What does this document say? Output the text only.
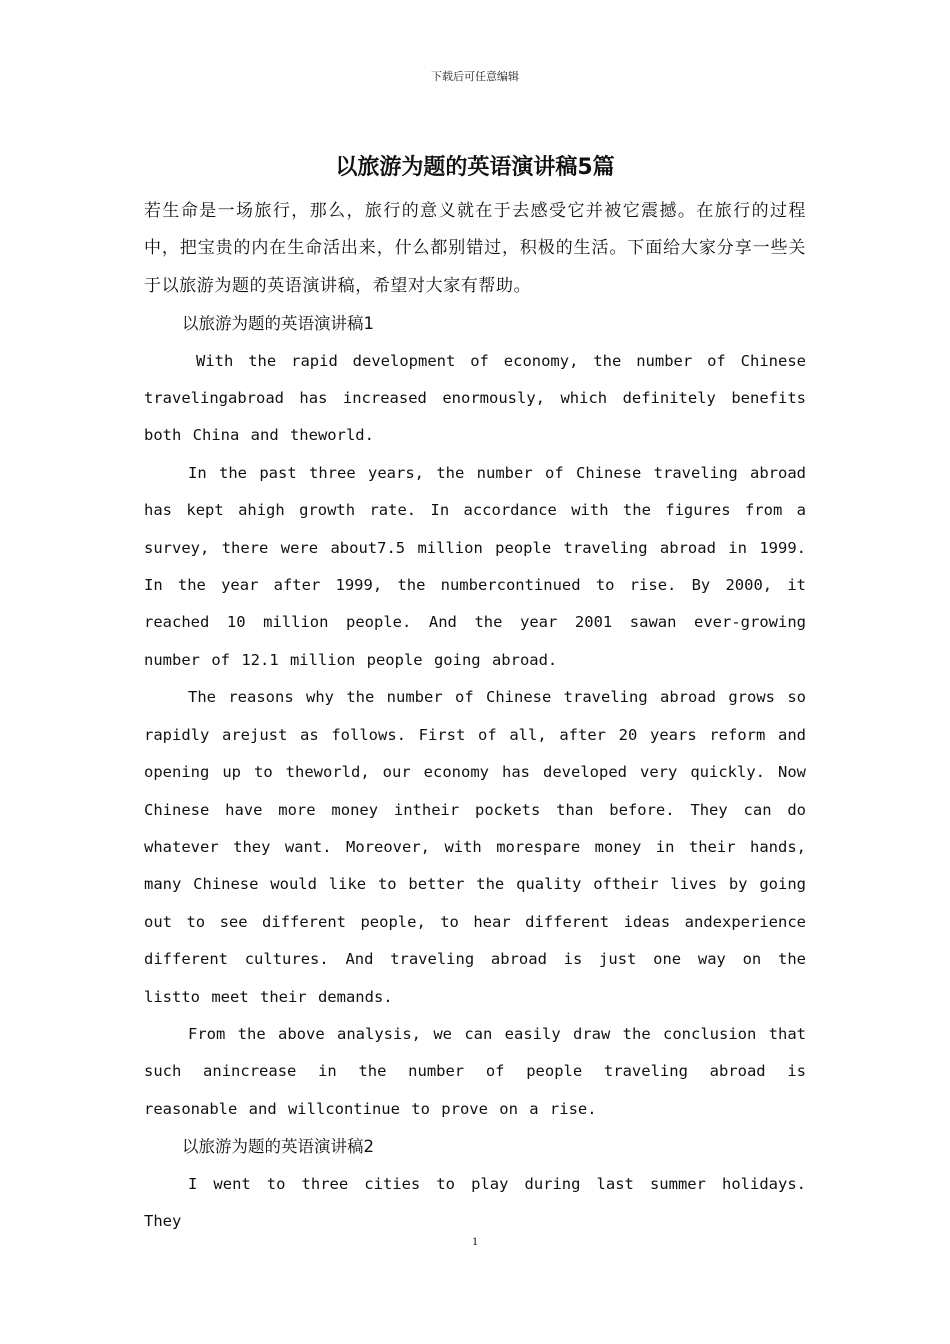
下载后可任意编辑
以旅游为题的英语演讲稿5篇

若生命是一场旅行，那么，旅行的意义就在于去感受它并被它震撼。在旅行的过程中，把宝贵的内在生命活出来，什么都别错过，积极的生活。下面给大家分享一些关于以旅游为题的英语演讲稿，希望对大家有帮助。

以旅游为题的英语演讲稿1

With the rapid development of economy, the number of Chinese travelingabroad has increased enormously, which definitely benefits both China and theworld.

In the past three years, the number of Chinese traveling abroad has kept ahigh growth rate. In accordance with the figures from a survey, there were about7.5 million people traveling abroad in 1999. In the year after 1999, the numbercontinued to rise. By 2000, it reached 10 million people. And the year 2001 sawan ever-growing number of 12.1 million people going abroad.

The reasons why the number of Chinese traveling abroad grows so rapidly arejust as follows. First of all, after 20 years reform and opening up to theworld, our economy has developed very quickly. Now Chinese have more money intheir pockets than before. They can do whatever they want. Moreover, with morespare money in their hands, many Chinese would like to better the quality oftheir lives by going out to see different people, to hear different ideas andexperience different cultures. And traveling abroad is just one way on the listto meet their demands.

From the above analysis, we can easily draw the conclusion that such anincrease in the number of people traveling abroad is reasonable and willcontinue to prove on a rise.

以旅游为题的英语演讲稿2

I went to three cities to play during last summer holidays. They

1
